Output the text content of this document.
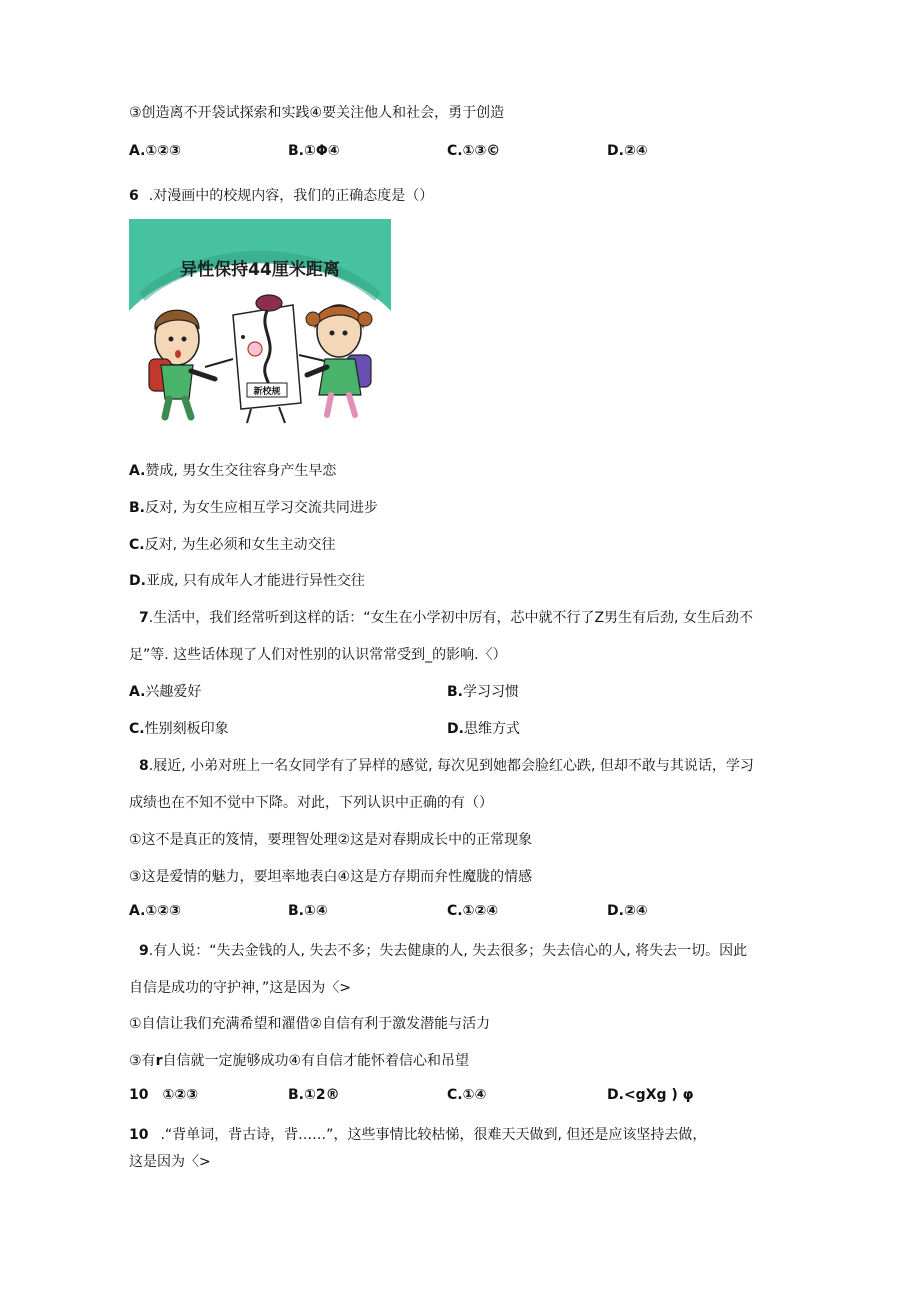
③创造离不开袋试探索和实践④要关注他人和社会，勇于创造
A.①②③	B.①Φ④	C.①③©	D.②④
6 .对漫画中的校规内容，我们的正确态度是（）
异性保持44厘米距离
新校规
A.赞成, 男女生交往容身产生早恋
B.反对, 为女生应相互学习交流共同进步
C.反对, 为生必须和女生主动交往
D.亚成, 只有成年人才能进行异性交往
7.生活中，我们经常听到这样的话：“女生在小学初中厉有，芯中就不行了Z男生有后劲, 女生后劲不
足”等. 这些话体现了人们对性别的认识常常受到_的影响.〈）
A.兴趣爱好	B.学习习惯
C.性别刻板印象	D.思维方式
8.屐近, 小弟对班上一名女同学有了异样的感觉, 每次见到她都会脸红心跌, 但却不敢与其说话，学习
成绩也在不知不觉中下降。对此，下列认识中正确的有（）
①这不是真正的笈情，要理智处理②这是对春期成长中的正常现象
③这是爱情的魅力，要坦率地表白④这是方存期而弁性魔胧的情感
A.①②③	B.①④	C.①②④	D.②④
9.有人说：“失去金钱的人, 失去不多；失去健康的人, 失去很多；失去信心的人, 将失去一切。因此
自信是成功的守护神，”这是因为〈>
①自信让我们充满希望和濯借②自信有利于激发潜能与活力
③有r自信就一定旎够成功④有自信才能怀着信心和吊望
10 ①②③	B.①2®	C.①④	D.<gXg ) φ
10 .“背单词，背古诗，背……”，这些事情比较枯悌，很难天天做到, 但还是应该坚持去做，
这是因为〈>
